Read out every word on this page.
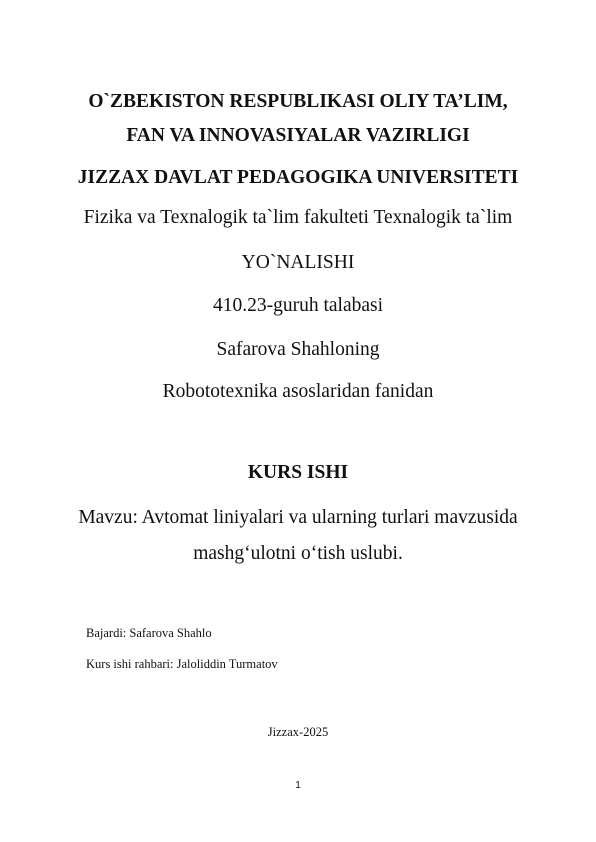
O`ZBEKISTON RESPUBLIKASI OLIY TA’LIM,
FAN VA INNOVASIYALAR VAZIRLIGI
JIZZAX DAVLAT PEDAGOGIKA UNIVERSITETI
Fizika va Texnalogik ta`lim fakulteti Texnalogik ta`lim
YO`NALISHI
410.23-guruh talabasi
Safarova Shahloning
Robototexnika asoslaridan fanidan
KURS ISHI
Mavzu: Avtomat liniyalari va ularning turlari mavzusida
mashg‘ulotni o‘tish uslubi.
Bajardi: Safarova Shahlo
Kurs ishi rahbari: Jaloliddin Turmatov
Jizzax-2025
1
